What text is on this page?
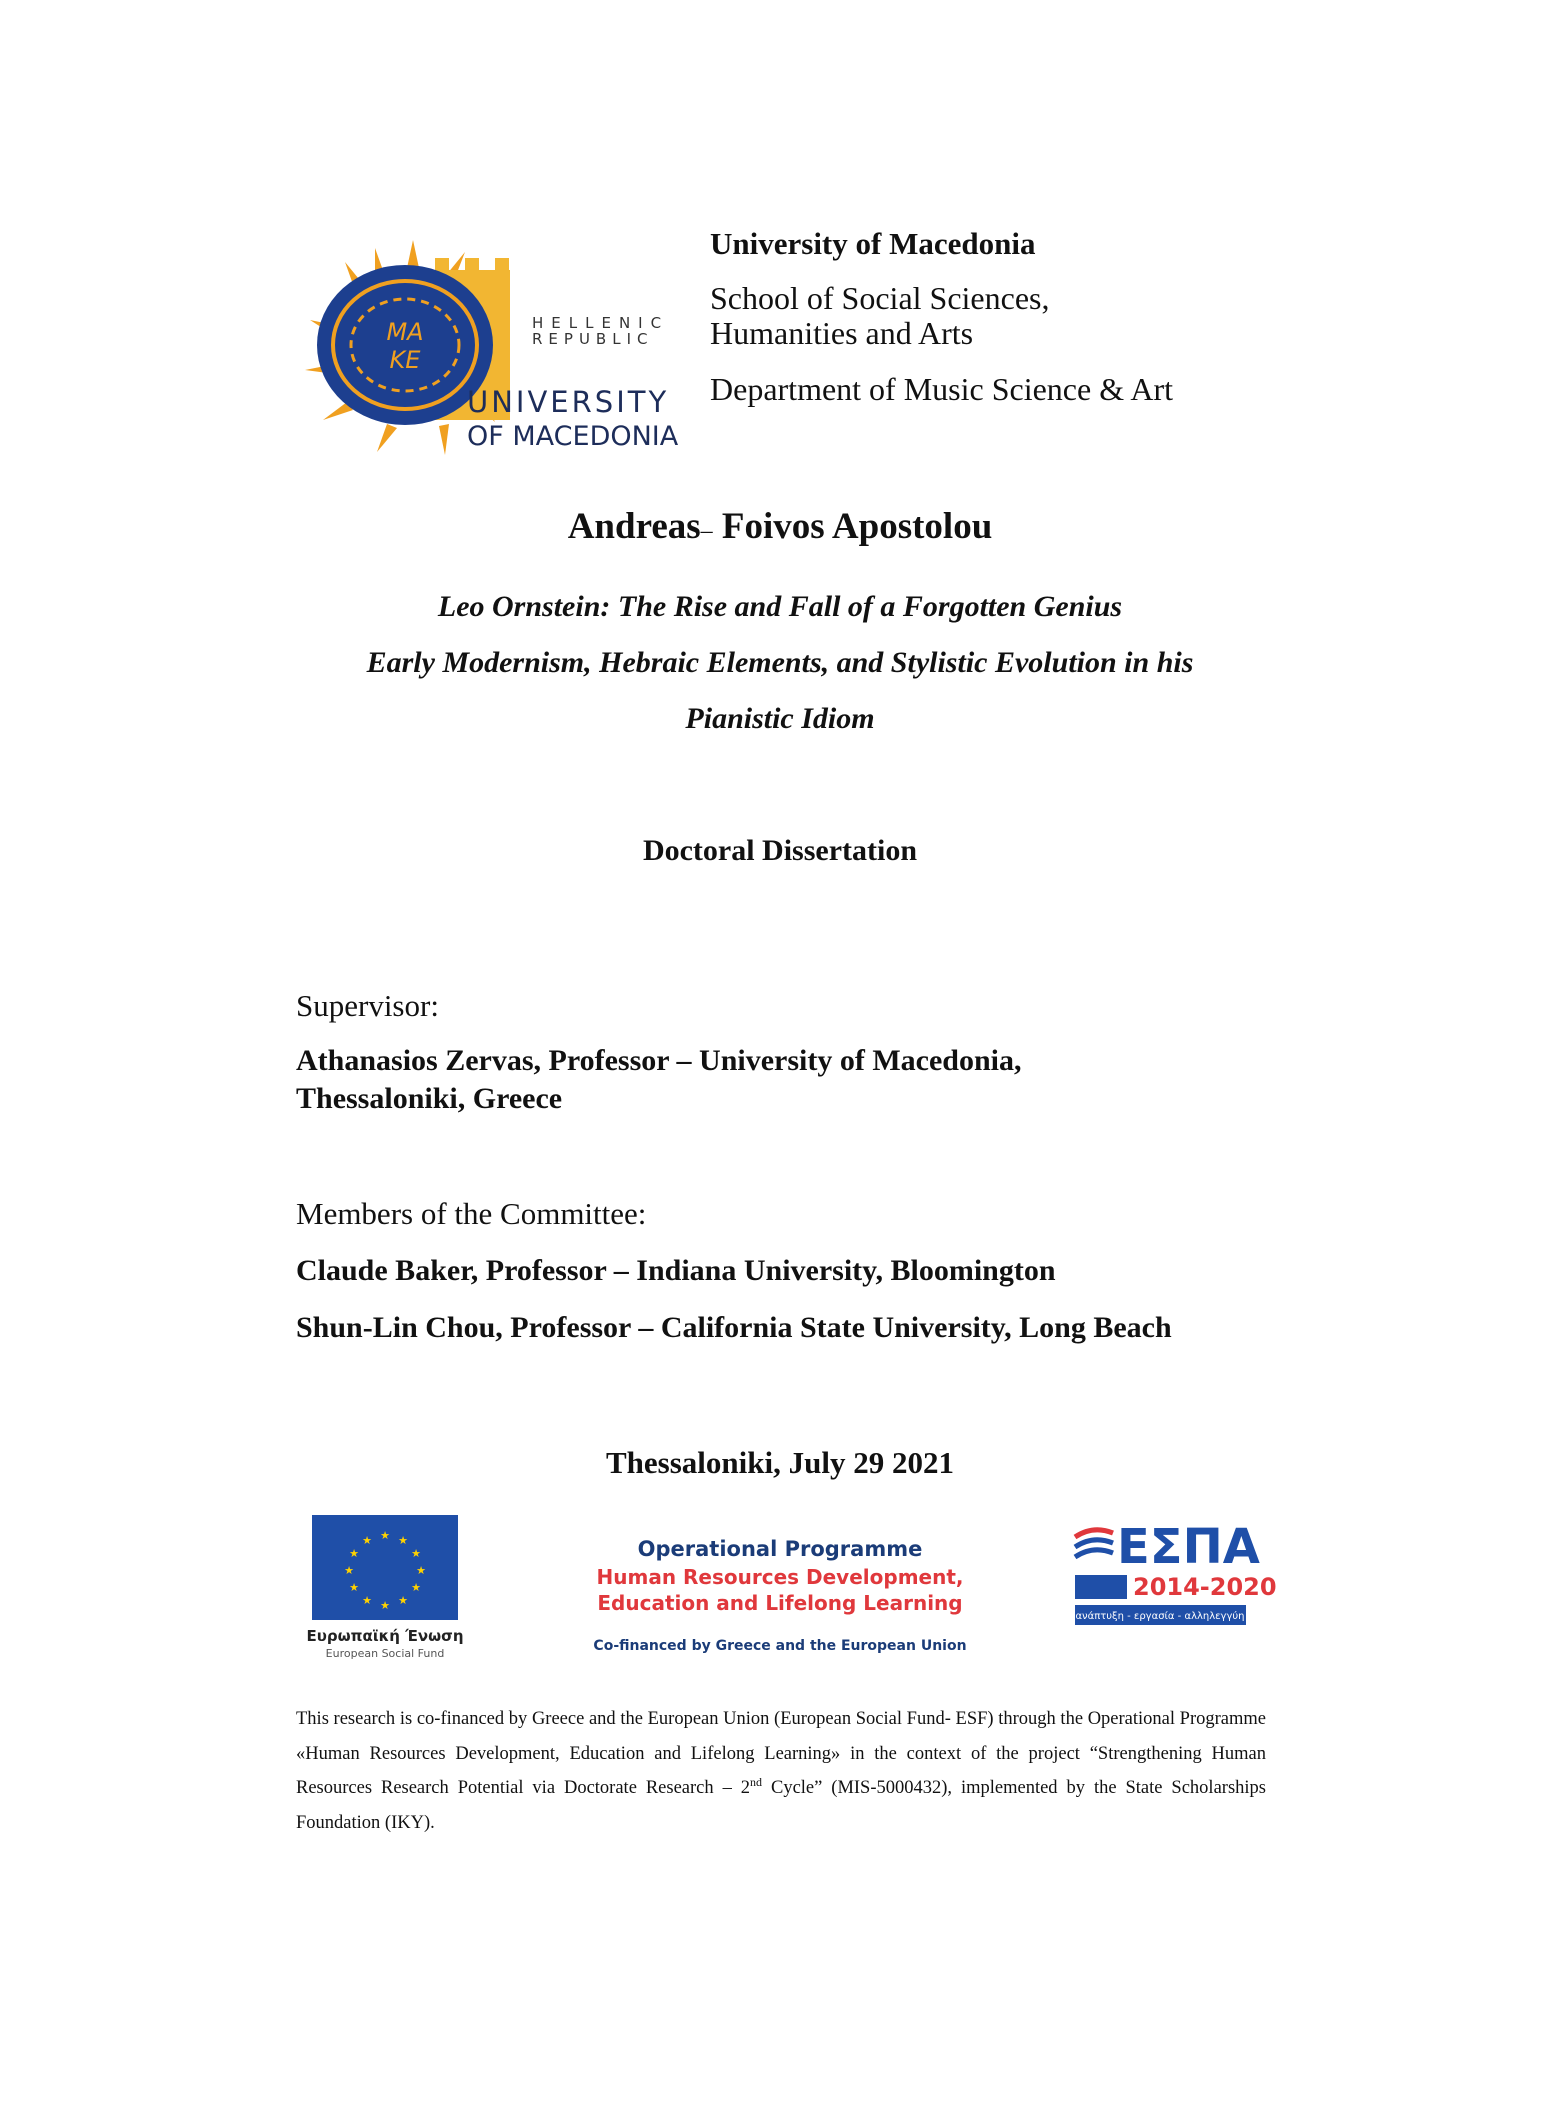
MA
KE
HELLENIC
REPUBLIC
UNIVERSITY
OF MACEDONIA
University of Macedonia
School of Social Sciences,
Humanities and Arts
Department of Music Science & Art
Andreas– Foivos Apostolou
Leo Ornstein: The Rise and Fall of a Forgotten Genius
Early Modernism, Hebraic Elements, and Stylistic Evolution in his
Pianistic Idiom
Doctoral Dissertation
Supervisor:
Athanasios Zervas, Professor – University of Macedonia,
Thessaloniki, Greece
Members of the Committee:
Claude Baker, Professor – Indiana University, Bloomington
Shun-Lin Chou, Professor – California State University, Long Beach
Thessaloniki, July 29 2021
★ ★
★
★
★
★
★
★
★
★
★
★
Ευρωπαϊκή Ένωση
European Social Fund
Operational Programme
Human Resources Development,
Education and Lifelong Learning
Co-financed by Greece and the European Union
ΕΣΠΑ
2014-2020
ανάπτυξη - εργασία - αλληλεγγύη
This research is co-financed by Greece and the European Union (European Social Fund- ESF) through the Operational Programme «Human Resources Development, Education and Lifelong Learning» in the context of the project “Strengthening Human Resources Research Potential via Doctorate Research – 2nd Cycle” (MIS-5000432), implemented by the State Scholarships Foundation (IKY).
